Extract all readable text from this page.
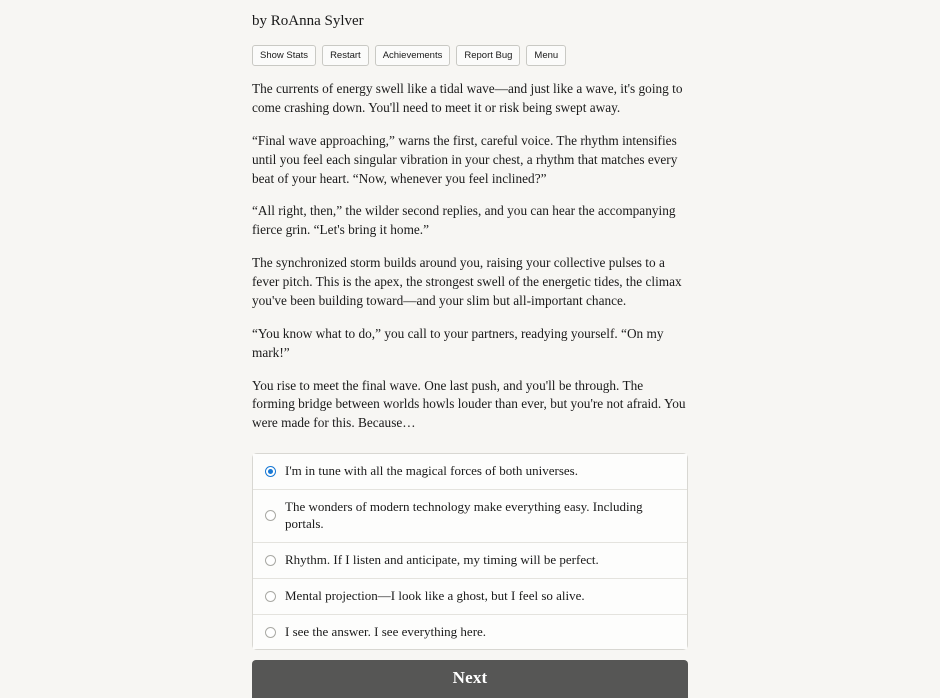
by RoAnna Sylver
Show Stats	Restart	Achievements	Report Bug	Menu

The currents of energy swell like a tidal wave—and just like a wave, it's going to come crashing down. You'll need to meet it or risk being swept away.

“Final wave approaching,” warns the first, careful voice. The rhythm intensifies until you feel each singular vibration in your chest, a rhythm that matches every beat of your heart. “Now, whenever you feel inclined?”

“All right, then,” the wilder second replies, and you can hear the accompanying fierce grin. “Let's bring it home.”

The synchronized storm builds around you, raising your collective pulses to a fever pitch. This is the apex, the strongest swell of the energetic tides, the climax you've been building toward—and your slim but all-important chance.

“You know what to do,” you call to your partners, readying yourself. “On my mark!”

You rise to meet the final wave. One last push, and you'll be through. The forming bridge between worlds howls louder than ever, but you're not afraid. You were made for this. Because…

I'm in tune with all the magical forces of both universes.
The wonders of modern technology make everything easy. Including portals.
Rhythm. If I listen and anticipate, my timing will be perfect.
Mental projection—I look like a ghost, but I feel so alive.
I see the answer. I see everything here.
Next
